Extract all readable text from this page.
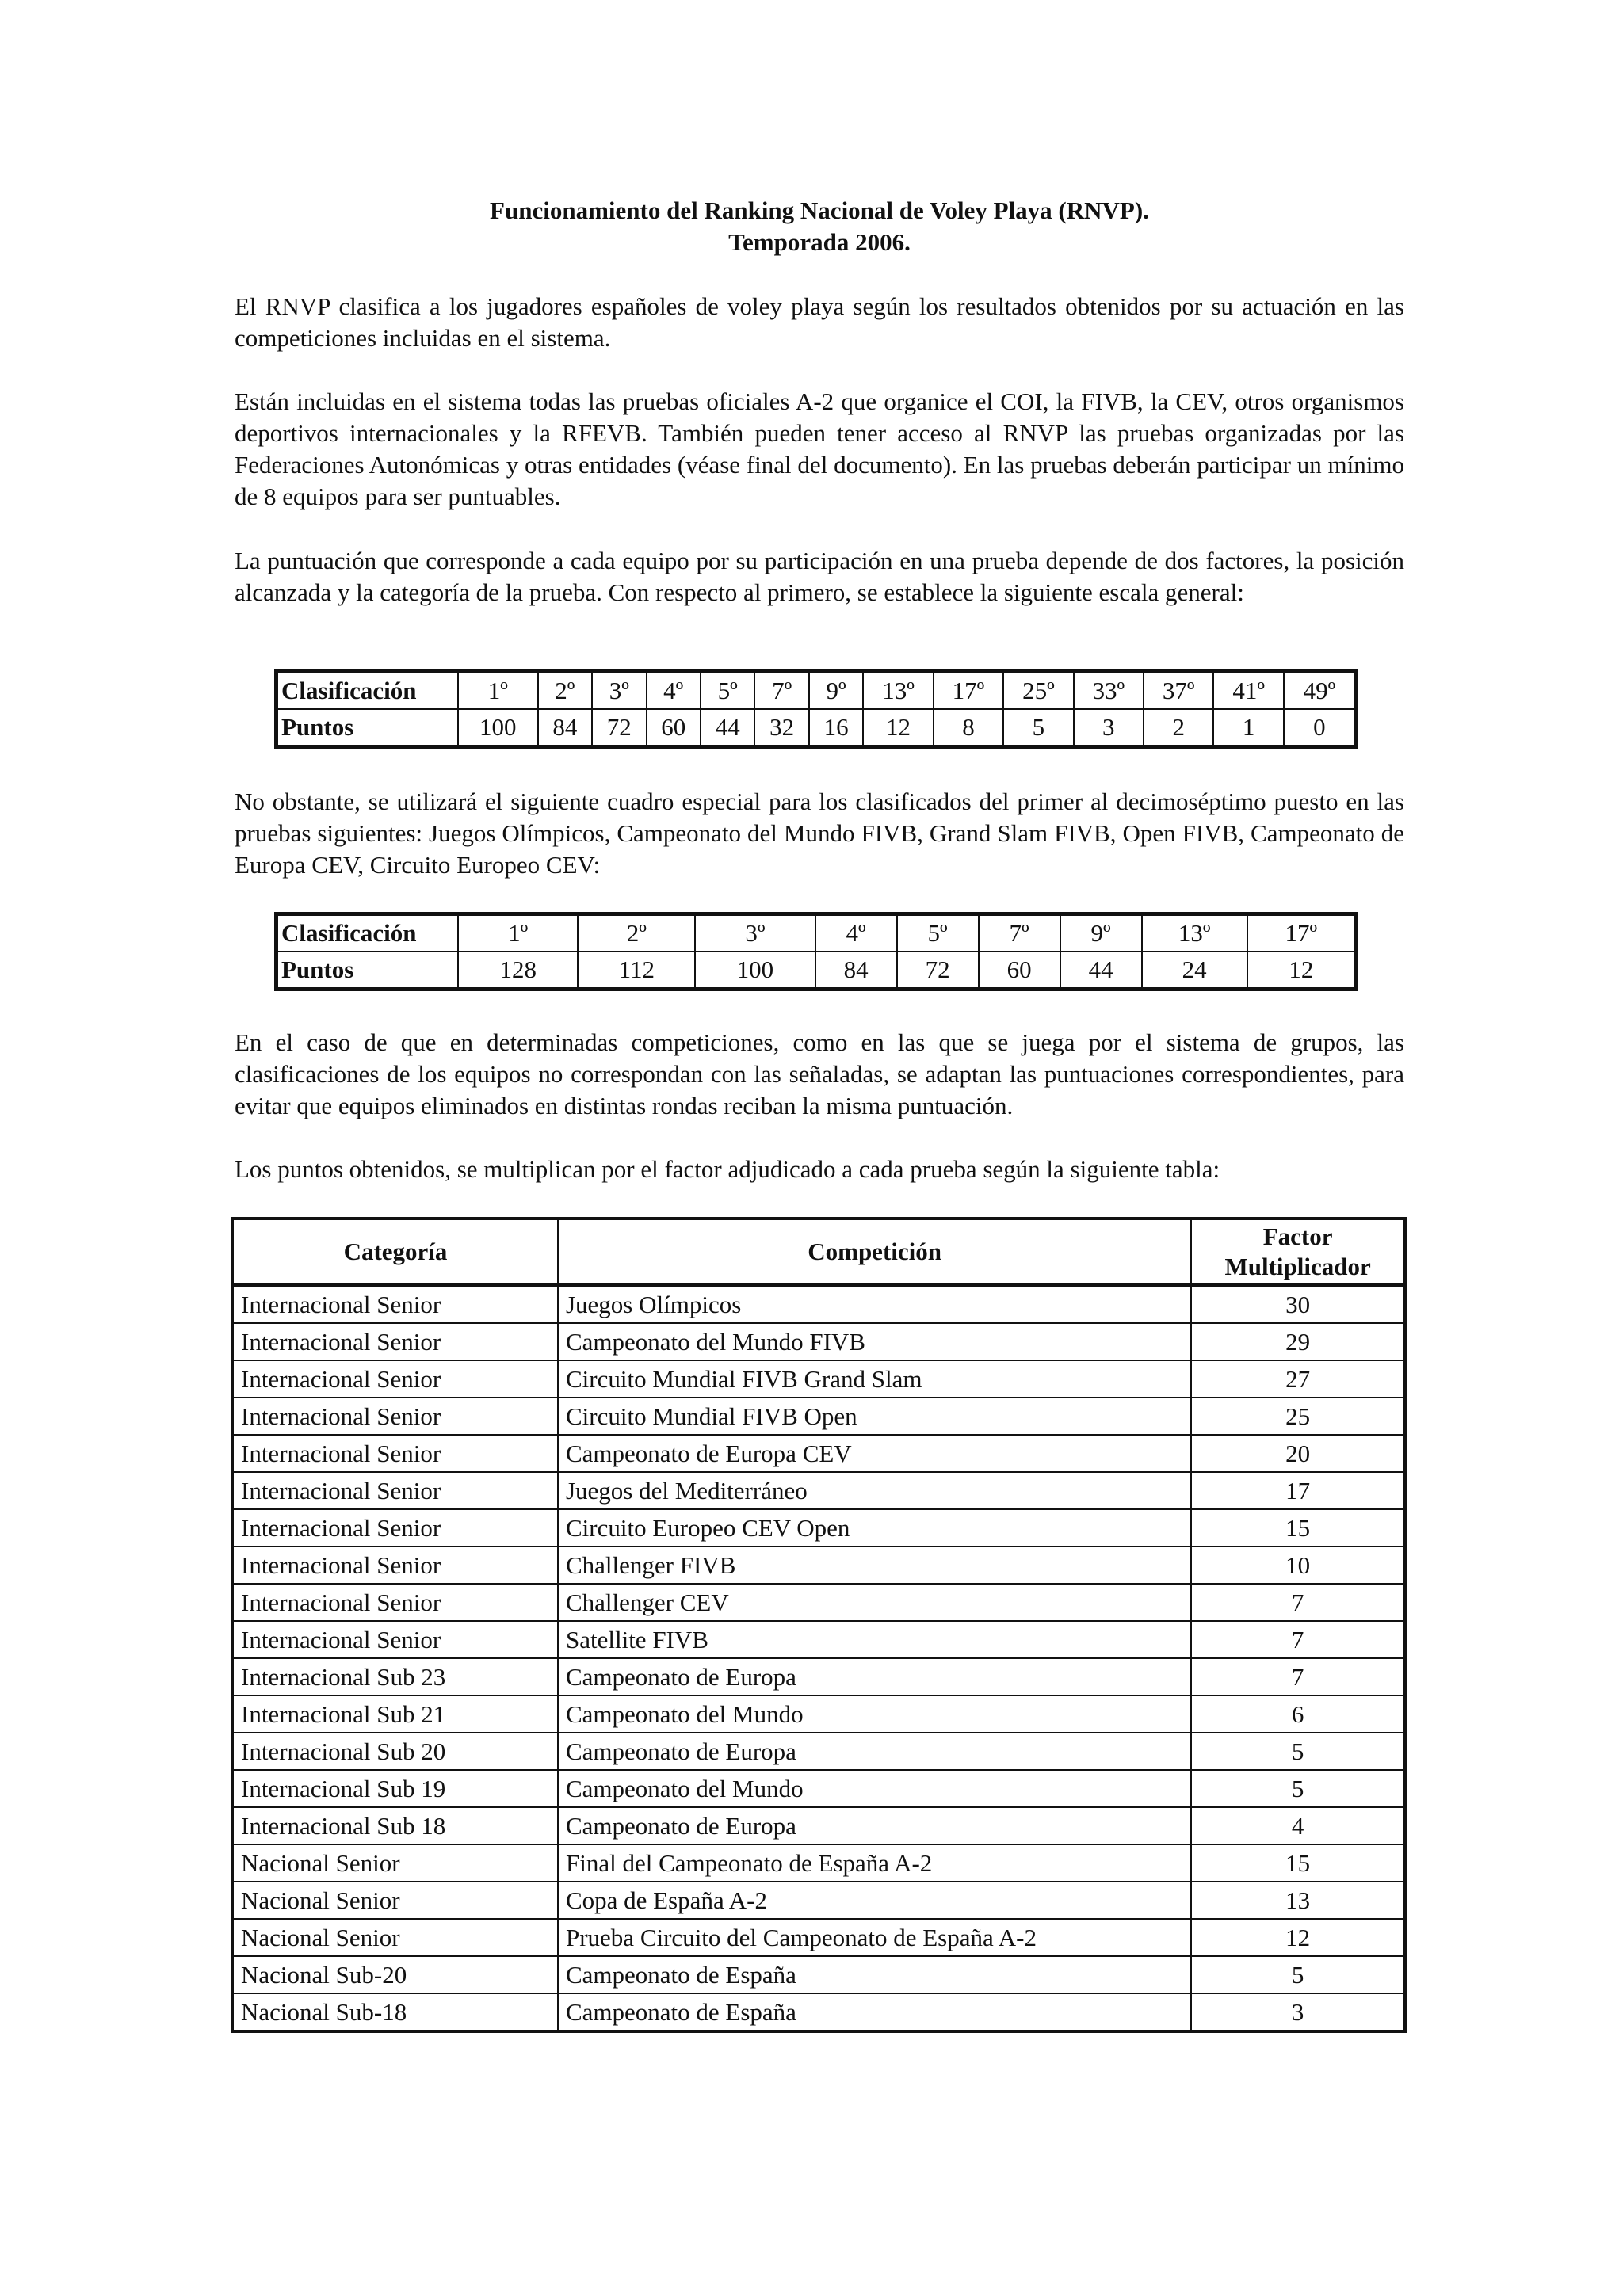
Funcionamiento del Ranking Nacional de Voley Playa (RNVP).
Temporada 2006.

El RNVP clasifica a los jugadores españoles de voley playa según los resultados obtenidos por su actuación en las competiciones incluidas en el sistema.

Están incluidas en el sistema todas las pruebas oficiales A-2 que organice el COI, la FIVB, la CEV, otros organismos deportivos internacionales y la RFEVB. También pueden tener acceso al RNVP las pruebas organizadas por las Federaciones Autonómicas y otras entidades (véase final del documento). En las pruebas deberán participar un mínimo de 8 equipos para ser puntuables.

La puntuación que corresponde a cada equipo por su participación en una prueba depende de dos factores, la posición alcanzada y la categoría de la prueba. Con respecto al primero, se establece la siguiente escala general:

Clasificación	1º	2º	3º	4º	5º	7º	9º	13º	17º	25º	33º	37º	41º	49º
Puntos	100	84	72	60	44	32	16	12	8	5	3	2	1	0

No obstante, se utilizará el siguiente cuadro especial para los clasificados del primer al decimoséptimo puesto en las pruebas siguientes: Juegos Olímpicos, Campeonato del Mundo FIVB, Grand Slam FIVB, Open FIVB, Campeonato de Europa CEV, Circuito Europeo CEV:

Clasificación	1º	2º	3º	4º	5º	7º	9º	13º	17º
Puntos	128	112	100	84	72	60	44	24	12

En el caso de que en determinadas competiciones, como en las que se juega por el sistema de grupos, las clasificaciones de los equipos no correspondan con las señaladas, se adaptan las puntuaciones correspondientes, para evitar que equipos eliminados en distintas rondas reciban la misma puntuación.

Los puntos obtenidos, se multiplican por el factor adjudicado a cada prueba según la siguiente tabla:

Categoría	Competición	Factor
Multiplicador

Internacional Senior	Juegos Olímpicos	30
Internacional Senior	Campeonato del Mundo FIVB	29
Internacional Senior	Circuito Mundial FIVB Grand Slam	27
Internacional Senior	Circuito Mundial FIVB Open	25
Internacional Senior	Campeonato de Europa CEV	20
Internacional Senior	Juegos del Mediterráneo	17
Internacional Senior	Circuito Europeo CEV Open	15
Internacional Senior	Challenger FIVB	10
Internacional Senior	Challenger CEV	7
Internacional Senior	Satellite FIVB	7
Internacional Sub 23	Campeonato de Europa	7
Internacional Sub 21	Campeonato del Mundo	6
Internacional Sub 20	Campeonato de Europa	5
Internacional Sub 19	Campeonato del Mundo	5
Internacional Sub 18	Campeonato de Europa	4
Nacional Senior	Final del Campeonato de España A-2	15
Nacional Senior	Copa de España A-2	13
Nacional Senior	Prueba Circuito del Campeonato de España A-2	12
Nacional Sub-20	Campeonato de España	5
Nacional Sub-18	Campeonato de España	3
